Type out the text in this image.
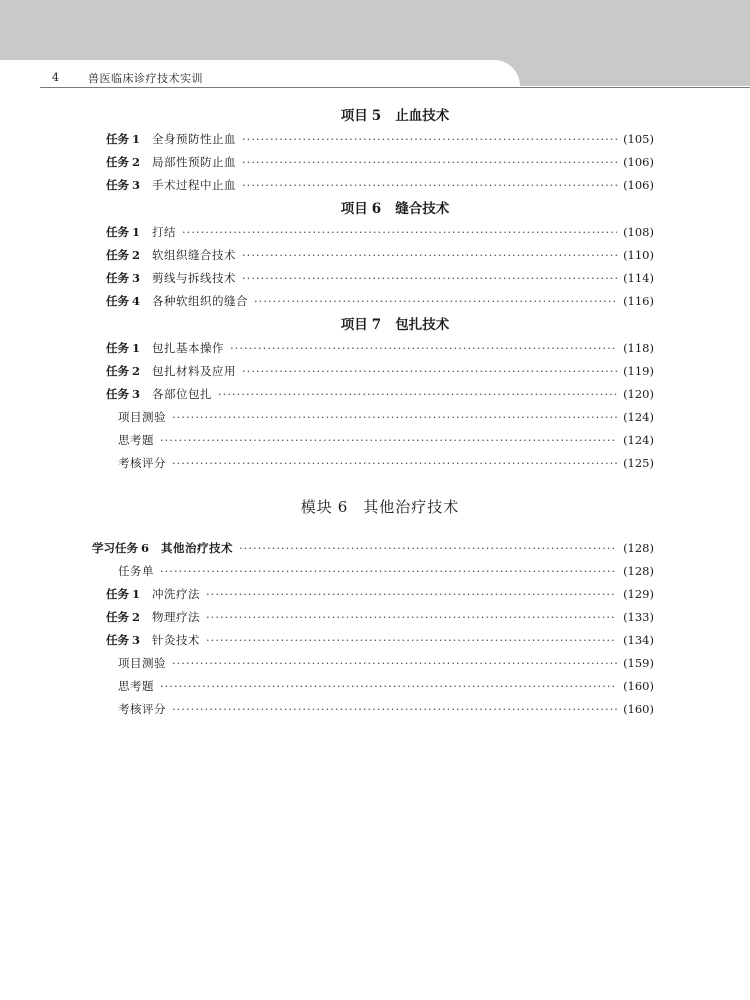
4	兽医临床诊疗技术实训
项目 5 止血技术
任务 1 全身预防性止血 ·····	(105)
任务 2 局部性预防止血 ·····	(106)
任务 3 手术过程中止血 ·····	(106)
项目 6 缝合技术
任务 1 打结 ·····	(108)
任务 2 软组织缝合技术 ·····	(110)
任务 3 剪线与拆线技术 ·····	(114)
任务 4 各种软组织的缝合 ·····	(116)
项目 7 包扎技术
任务 1 包扎基本操作 ·····	(118)
任务 2 包扎材料及应用 ·····	(119)
任务 3 各部位包扎 ·····	(120)
项目测验 ·····	(124)
思考题 ·····	(124)
考核评分 ·····	(125)
模块 6 其他治疗技术
学习任务 6 其他治疗技术 ·····	(128)
任务单 ·····	(128)
任务 1 冲洗疗法 ·····	(129)
任务 2 物理疗法 ·····	(133)
任务 3 针灸技术 ·····	(134)
项目测验 ·····	(159)
思考题 ·····	(160)
考核评分 ·····	(160)
